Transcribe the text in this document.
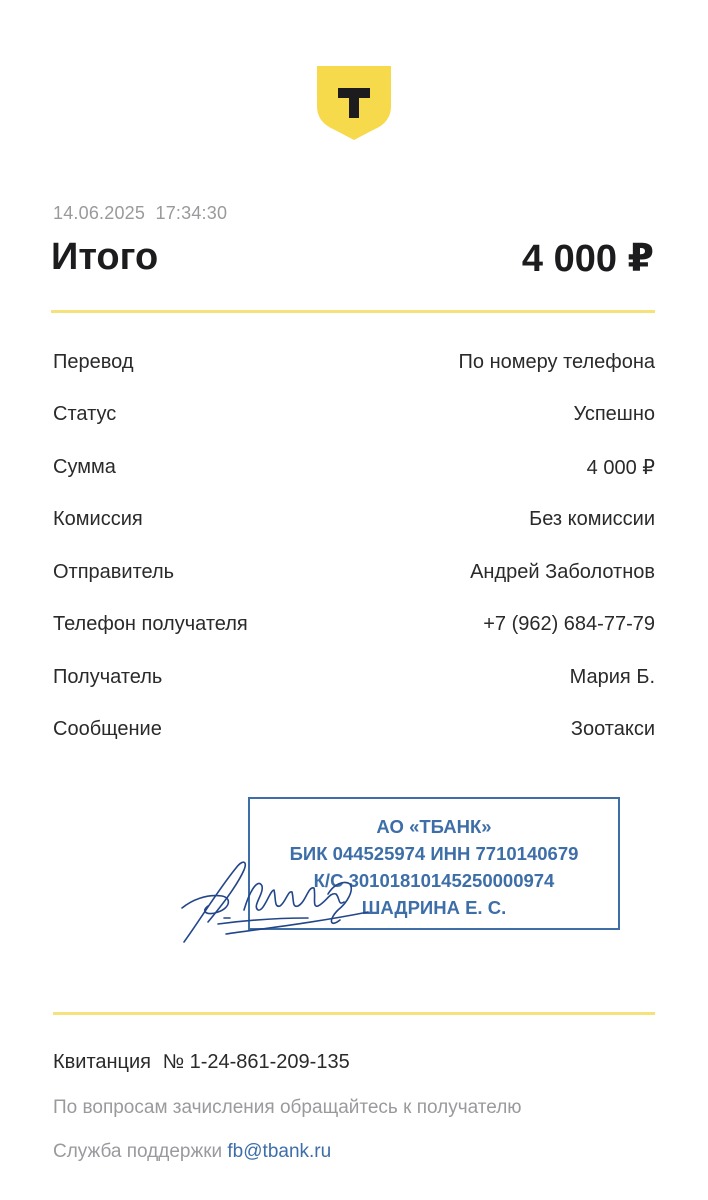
14.06.2025 17:34:30
Итого	4 000 ₽
Перевод	По номеру телефона
Статус	Успешно
Сумма	4 000 ₽
Комиссия	Без комиссии
Отправитель	Андрей Заболотнов
Телефон получателя	+7 (962) 684-77-79
Получатель	Мария Б.
Сообщение	Зоотакси
АО «ТБАНК»
БИК 044525974 ИНН 7710140679
К/С 30101810145250000974
ШАДРИНА Е. С.
Квитанция № 1-24-861-209-135
По вопросам зачисления обращайтесь к получателю
Служба поддержки fb@tbank.ru
